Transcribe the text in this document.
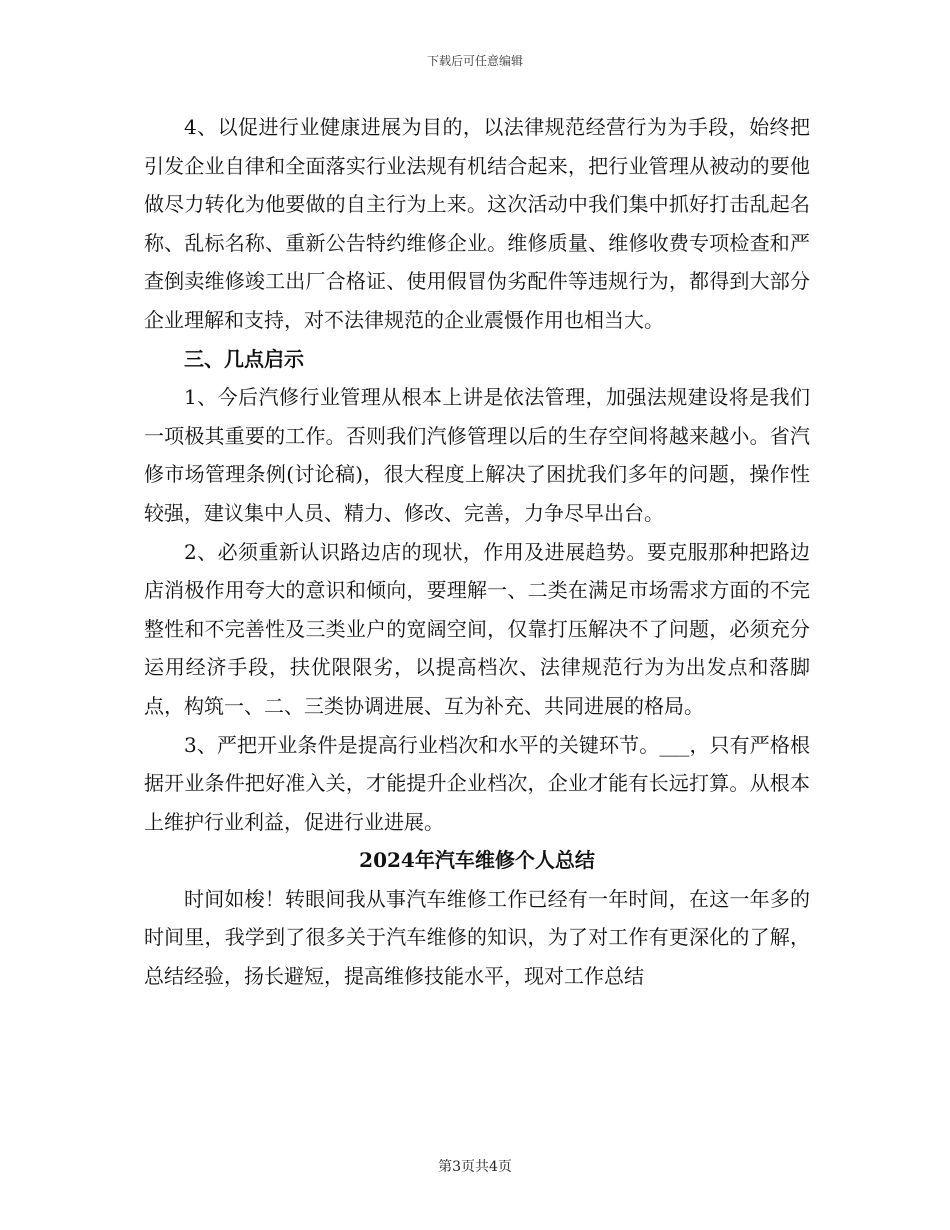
下载后可任意编辑

4、以促进行业健康进展为目的，以法律规范经营行为为手段，始终把引发企业自律和全面落实行业法规有机结合起来，把行业管理从被动的要他做尽力转化为他要做的自主行为上来。这次活动中我们集中抓好打击乱起名称、乱标名称、重新公告特约维修企业。维修质量、维修收费专项检查和严查倒卖维修竣工出厂合格证、使用假冒伪劣配件等违规行为，都得到大部分企业理解和支持，对不法律规范的企业震慑作用也相当大。

三、几点启示

1、今后汽修行业管理从根本上讲是依法管理，加强法规建设将是我们一项极其重要的工作。否则我们汽修管理以后的生存空间将越来越小。省汽修市场管理条例(讨论稿)，很大程度上解决了困扰我们多年的问题，操作性较强，建议集中人员、精力、修改、完善，力争尽早出台。

2、必须重新认识路边店的现状，作用及进展趋势。要克服那种把路边店消极作用夸大的意识和倾向，要理解一、二类在满足市场需求方面的不完整性和不完善性及三类业户的宽阔空间，仅靠打压解决不了问题，必须充分运用经济手段，扶优限限劣，以提高档次、法律规范行为为出发点和落脚点，构筑一、二、三类协调进展、互为补充、共同进展的格局。

3、严把开业条件是提高行业档次和水平的关键环节。___，只有严格根据开业条件把好准入关，才能提升企业档次，企业才能有长远打算。从根本上维护行业利益，促进行业进展。

2024年汽车维修个人总结

时间如梭！转眼间我从事汽车维修工作已经有一年时间，在这一年多的时间里，我学到了很多关于汽车维修的知识，为了对工作有更深化的了解，总结经验，扬长避短，提高维修技能水平，现对工作总结

第3页共4页
